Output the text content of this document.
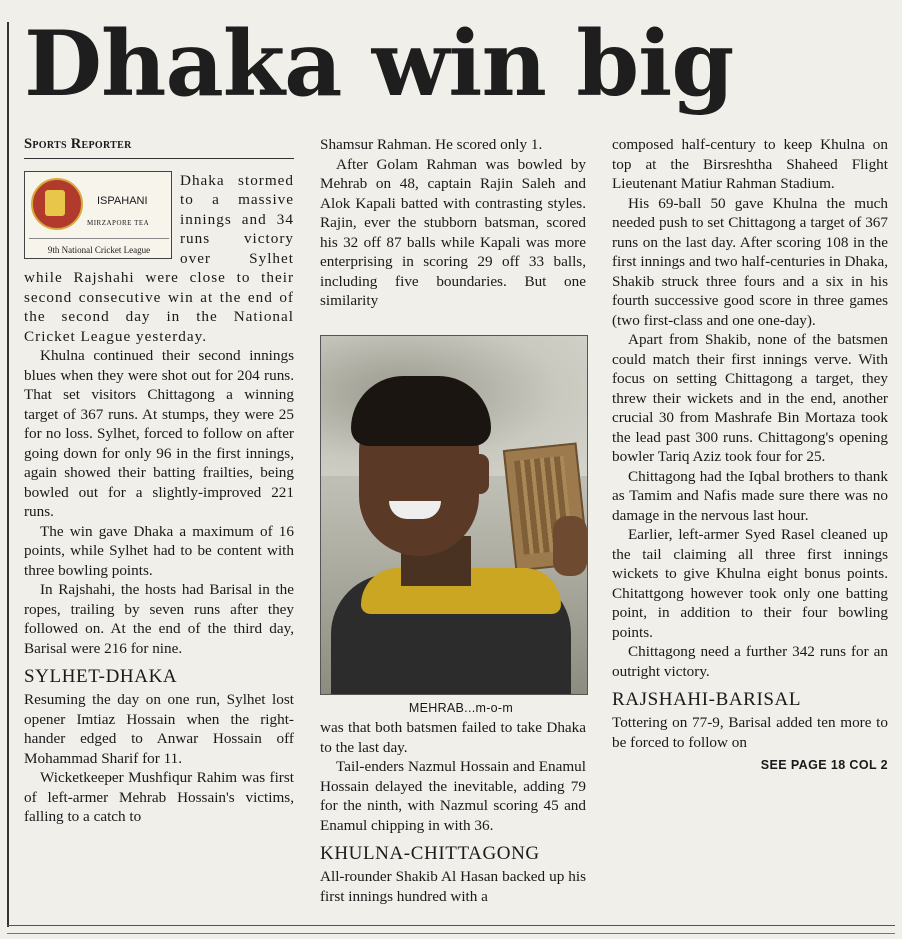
Dhaka win big
Sports Reporter
ISPAHANI
MIRZAPORE TEA
9th National Cricket League

Dhaka stormed to a massive innings and 34 runs victory over Sylhet while Rajshahi were close to their second consecutive win at the end of the second day in the National Cricket League yesterday.

Khulna continued their second innings blues when they were shot out for 204 runs. That set visitors Chittagong a winning target of 367 runs. At stumps, they were 25 for no loss. Sylhet, forced to follow on after going down for only 96 in the first innings, again showed their batting frailties, being bowled out for a slightly-improved 221 runs.

The win gave Dhaka a maximum of 16 points, while Sylhet had to be content with three bowling points.

In Rajshahi, the hosts had Barisal in the ropes, trailing by seven runs after they followed on. At the end of the third day, Barisal were 216 for nine.

SYLHET-DHAKA

Resuming the day on one run, Sylhet lost opener Imtiaz Hossain when the right-hander edged to Anwar Hossain off Mohammad Sharif for 11.

Wicketkeeper Mushfiqur Rahim was first of left-armer Mehrab Hossain's victims, falling to a catch to

Shamsur Rahman. He scored only 1.

After Golam Rahman was bowled by Mehrab on 48, captain Rajin Saleh and Alok Kapali batted with contrasting styles. Rajin, ever the stubborn batsman, scored his 32 off 87 balls while Kapali was more enterprising in scoring 29 off 33 balls, including five boundaries. But one similarity

MEHRAB...m-o-m

was that both batsmen failed to take Dhaka to the last day.

Tail-enders Nazmul Hossain and Enamul Hossain delayed the inevitable, adding 79 for the ninth, with Nazmul scoring 45 and Enamul chipping in with 36.

KHULNA-CHITTAGONG

All-rounder Shakib Al Hasan backed up his first innings hundred with a

composed half-century to keep Khulna on top at the Birsreshtha Shaheed Flight Lieutenant Matiur Rahman Stadium.

His 69-ball 50 gave Khulna the much needed push to set Chittagong a target of 367 runs on the last day. After scoring 108 in the first innings and two half-centuries in Dhaka, Shakib struck three fours and a six in his fourth successive good score in three games (two first-class and one one-day).

Apart from Shakib, none of the batsmen could match their first innings verve. With focus on setting Chittagong a target, they threw their wickets and in the end, another crucial 30 from Mashrafe Bin Mortaza took the lead past 300 runs. Chittagong's opening bowler Tariq Aziz took four for 25.

Chittagong had the Iqbal brothers to thank as Tamim and Nafis made sure there was no damage in the nervous last hour.

Earlier, left-armer Syed Rasel cleaned up the tail claiming all three first innings wickets to give Khulna eight bonus points. Chitattgong however took only one batting point, in addition to their four bowling points.

Chittagong need a further 342 runs for an outright victory.

RAJSHAHI-BARISAL

Tottering on 77-9, Barisal added ten more to be forced to follow on

SEE PAGE 18 COL 2
